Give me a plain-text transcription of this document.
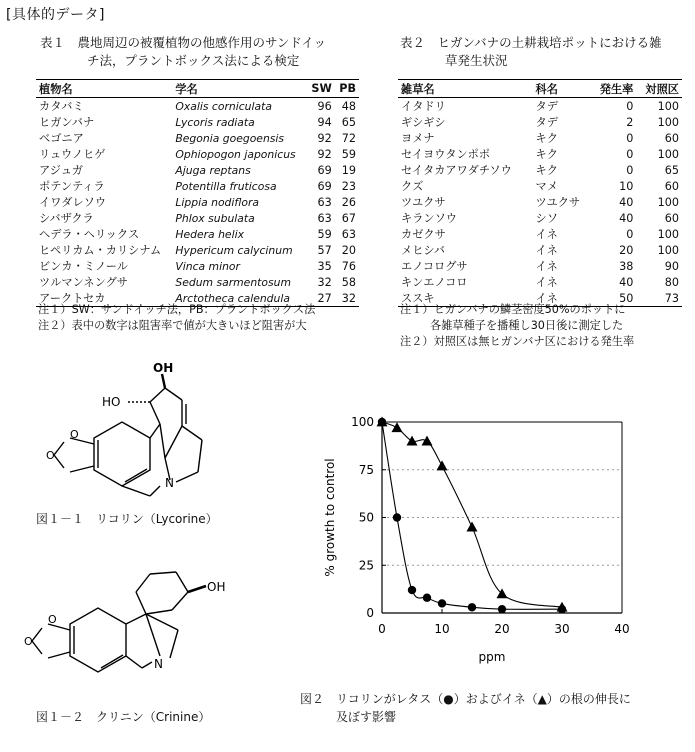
[具体的データ]
表１　農地周辺の被覆植物の他感作用のサンドイッ
チ法，プラントボックス法による検定
植物名	学名	SW	PB
カタバミ	Oxalis corniculata	96	48
ヒガンバナ	Lycoris radiata	94	65
ベゴニア	Begonia goegoensis	92	72
リュウノヒゲ	Ophiopogon japonicus	92	59
アジュガ	Ajuga reptans	69	19
ポテンティラ	Potentilla fruticosa	69	23
イワダレソウ	Lippia nodiflora	63	26
シバザクラ	Phlox subulata	63	67
ヘデラ・ヘリックス	Hedera helix	59	63
ヒペリカム・カリシナム	Hypericum calycinum	57	20
ビンカ・ミノール	Vinca minor	35	76
ツルマンネングサ	Sedum sarmentosum	32	58
アークトセカ	Arctotheca calendula	27	32
注１）SW：サンドイッチ法，PB：プラントボックス法
注２）表中の数字は阻害率で値が大きいほど阻害が大
表２　ヒガンバナの土耕栽培ポットにおける雑
草発生状況
雑草名	科名	発生率	対照区
イタドリ	タデ	0	100
ギシギシ	タデ	2	100
ヨメナ	キク	0	60
セイヨウタンポポ	キク	0	100
セイタカアワダチソウ	キク	0	65
クズ	マメ	10	60
ツユクサ	ツユクサ	40	100
キランソウ	シソ	40	60
カゼクサ	イネ	0	100
メヒシバ	イネ	20	100
エノコログサ	イネ	38	90
キンエノコロ	イネ	40	80
ススキ	イネ	50	73
注１）ヒガンバナの鱗茎密度50%のポットに
各雑草種子を播種し30日後に測定した
注２）対照区は無ヒガンバナ区における発生率
O
O
N
OH
HO
図１－１　リコリン（Lycorine）
O
O
N
OH
図１－２　クリニン（Crinine）
0
25
50
75
100
0	10	20	30	40
ppm
% growth to control
図２　リコリンがレタス（●）およびイネ（▲）の根の伸長に
及ぼす影響
